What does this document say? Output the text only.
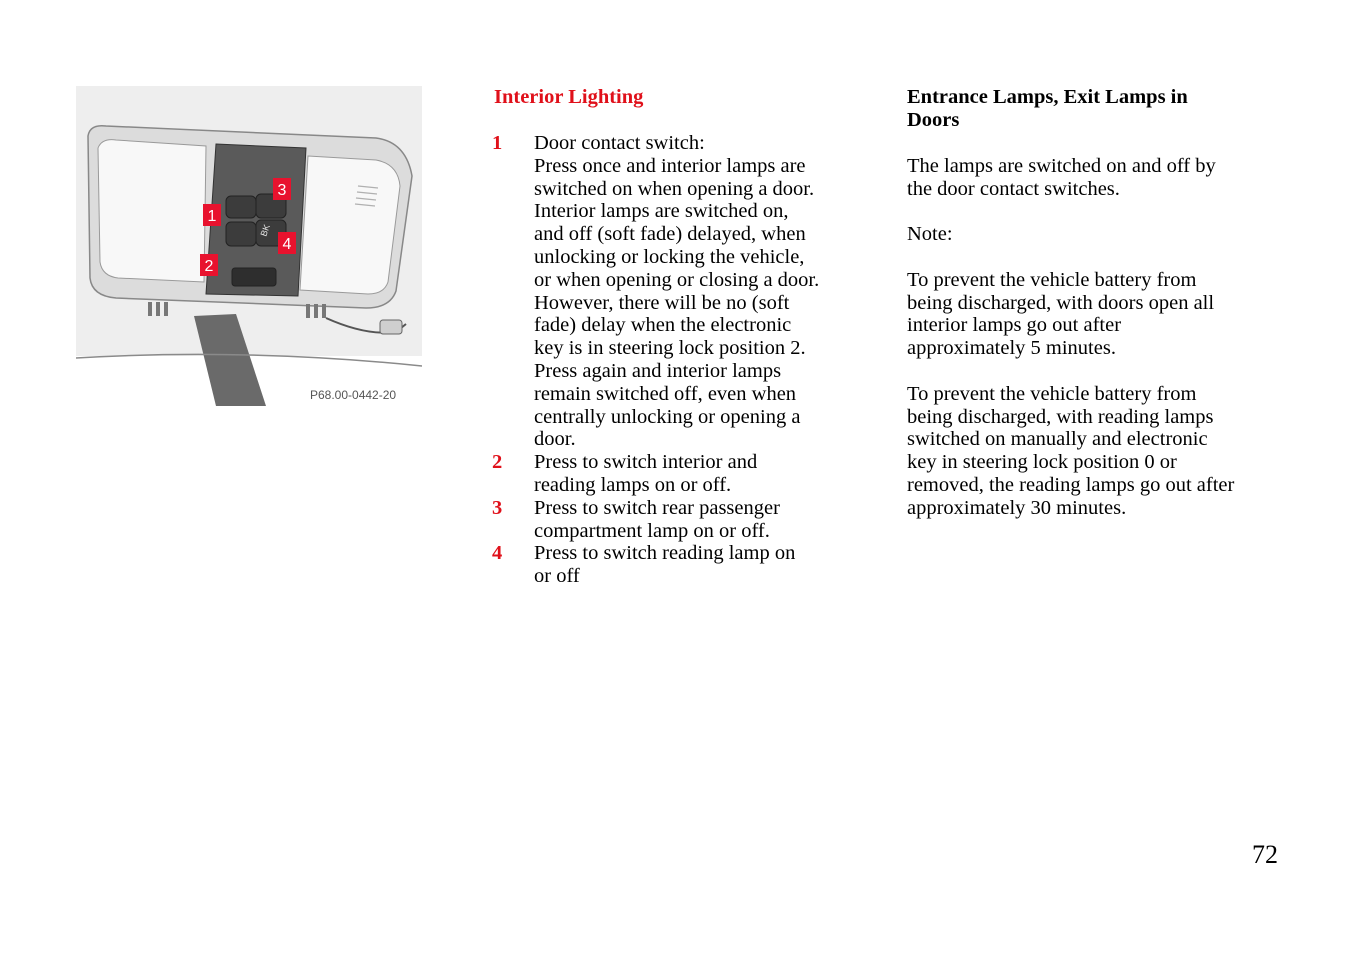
BK
1
2
3
4
P68.00-0442-20
Interior Lighting
1	Door contact switch:
Press once and interior lamps are
switched on when opening a door.
Interior lamps are switched on,
and off (soft fade) delayed, when
unlocking or locking the vehicle,
or when opening or closing a door.
However, there will be no (soft
fade) delay when the electronic
key is in steering lock position 2.
Press again and interior lamps
remain switched off, even when
centrally unlocking or opening a
door.
2	Press to switch interior and
reading lamps on or off.
3	Press to switch rear passenger
compartment lamp on or off.
4	Press to switch reading lamp on
or off
Entrance Lamps, Exit Lamps in
Doors

The lamps are switched on and off by
the door contact switches.

Note:

To prevent the vehicle battery from
being discharged, with doors open all
interior lamps go out after
approximately 5 minutes.

To prevent the vehicle battery from
being discharged, with reading lamps
switched on manually and electronic
key in steering lock position 0 or
removed, the reading lamps go out after
approximately 30 minutes.

72
